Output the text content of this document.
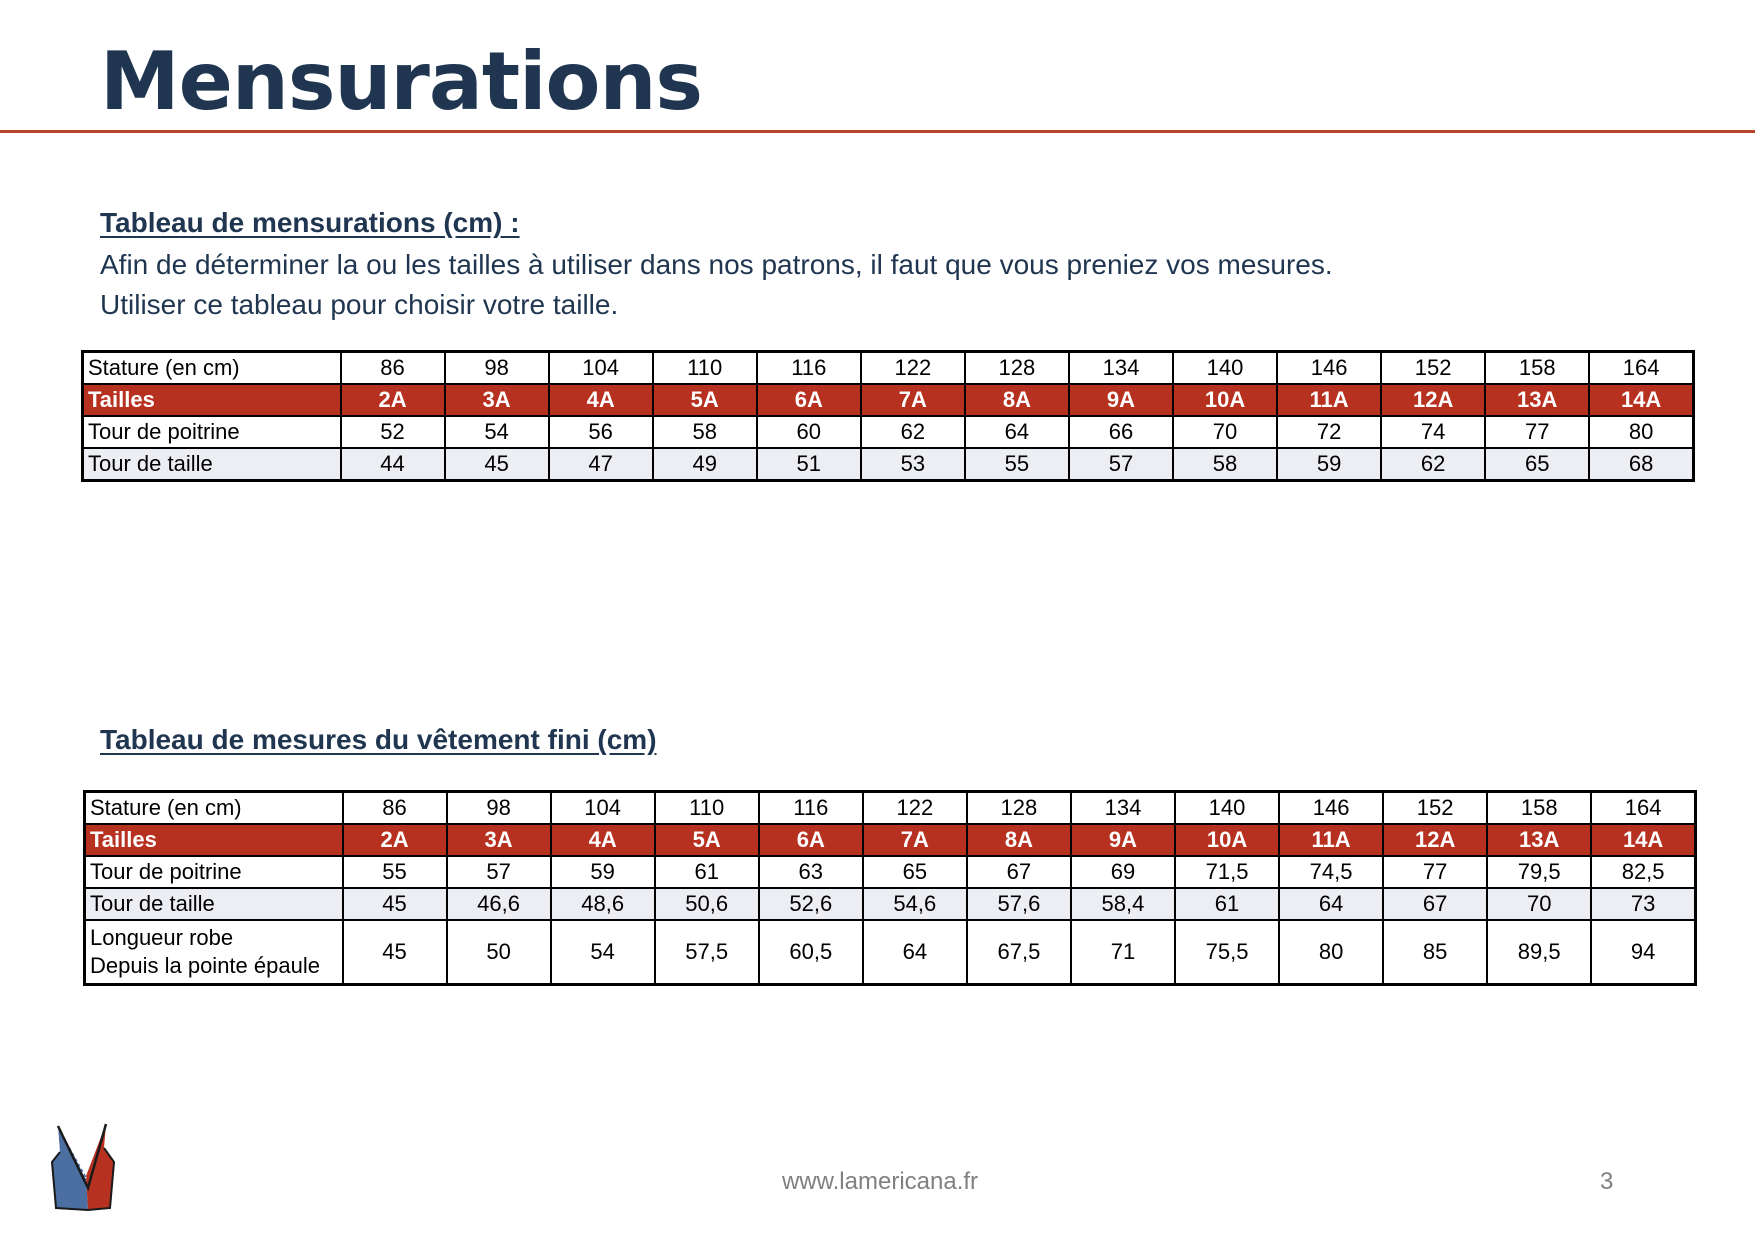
Mensurations
Tableau de mensurations (cm) :

Afin de déterminer la ou les tailles à utiliser dans nos patrons, il faut que vous preniez vos mesures.

Utiliser ce tableau pour choisir votre taille.

Stature (en cm)	86	98	104	110	116	122	128	134	140	146	152	158	164
Tailles	2A	3A	4A	5A	6A	7A	8A	9A	10A	11A	12A	13A	14A
Tour de poitrine	52	54	56	58	60	62	64	66	70	72	74	77	80
Tour de taille	44	45	47	49	51	53	55	57	58	59	62	65	68
Tableau de mesures du vêtement fini (cm)
Stature (en cm)	86	98	104	110	116	122	128	134	140	146	152	158	164
Tailles	2A	3A	4A	5A	6A	7A	8A	9A	10A	11A	12A	13A	14A
Tour de poitrine	55	57	59	61	63	65	67	69	71,5	74,5	77	79,5	82,5
Tour de taille	45	46,6	48,6	50,6	52,6	54,6	57,6	58,4	61	64	67	70	73

Longueur robe
Depuis la pointe épaule	45	50	54	57,5	60,5	64	67,5	71	75,5	80	85	89,5	94
www.lamericana.fr	3
